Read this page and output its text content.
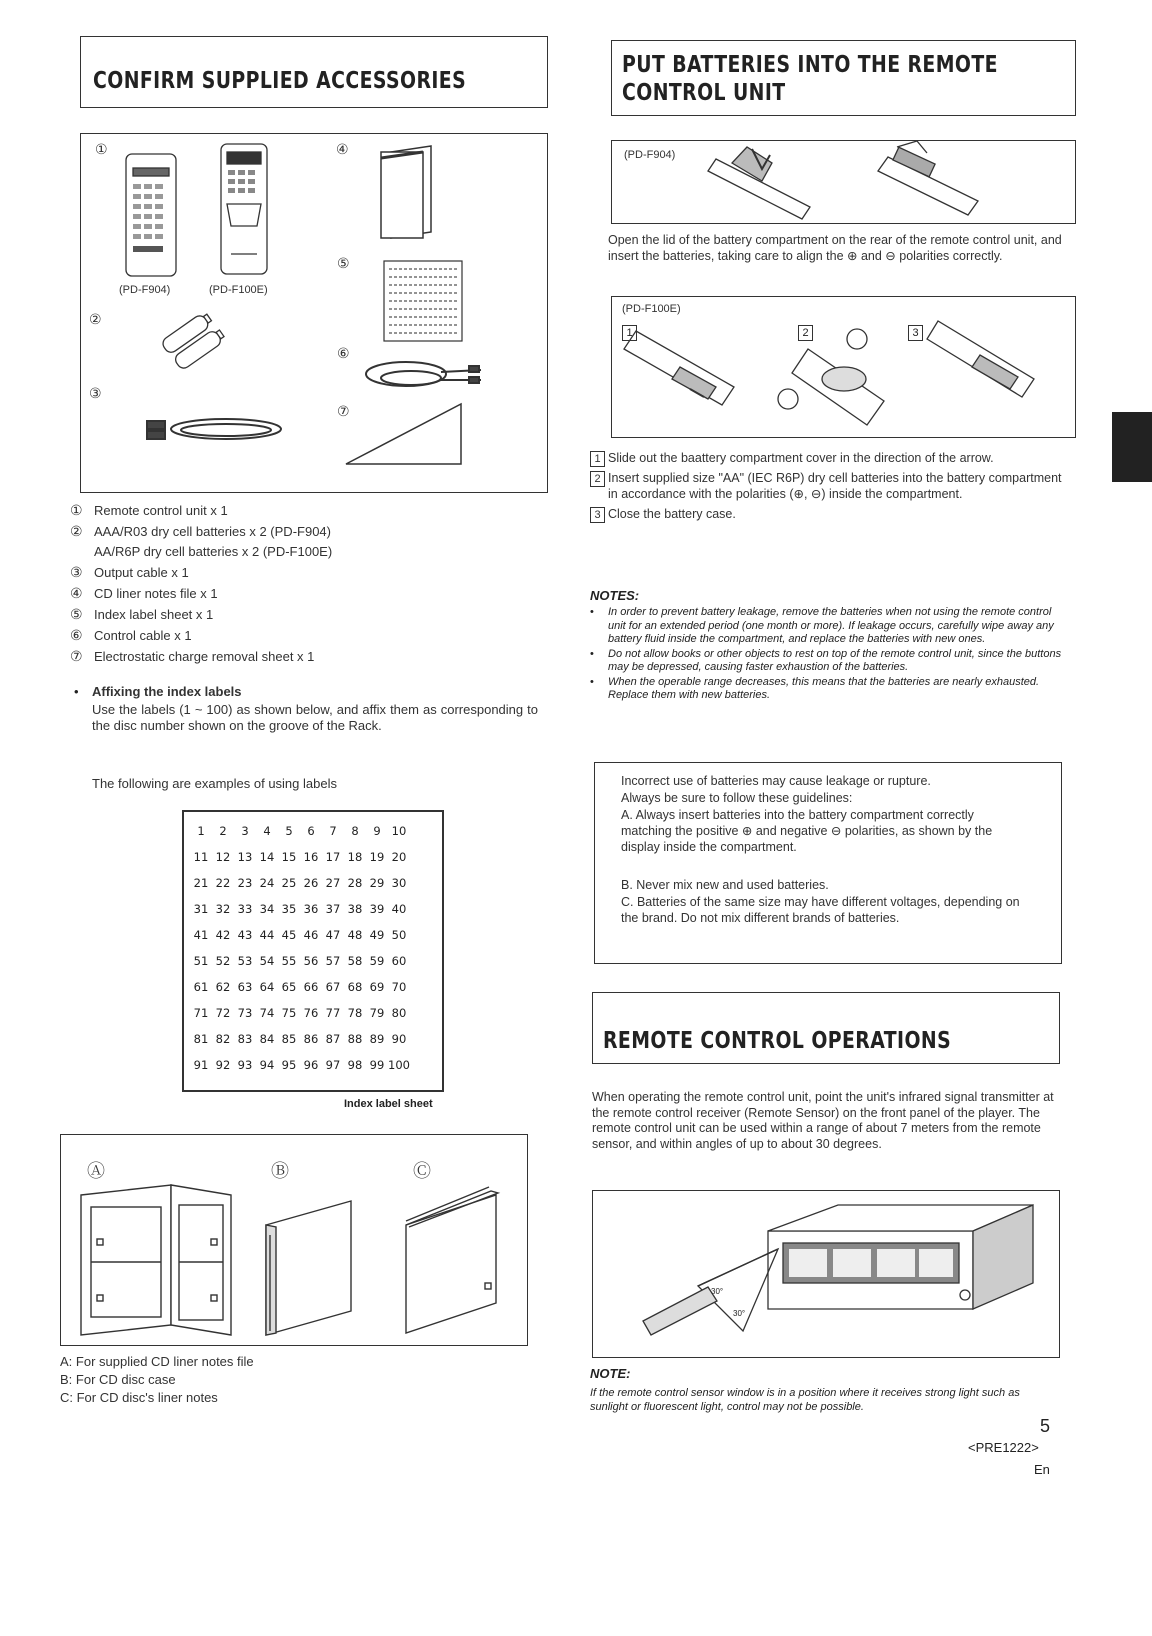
CONFIRM SUPPLIED ACCESSORIES
①
②
③
④
⑤
⑥
⑦
(PD-F904)	(PD-F100E)
① Remote control unit x 1
② AAA/R03 dry cell batteries x 2 (PD-F904)
AA/R6P dry cell batteries x 2 (PD-F100E)
③ Output cable x 1
④ CD liner notes file x 1
⑤ Index label sheet x 1
⑥ Control cable x 1
⑦ Electrostatic charge removal sheet x 1
• Affixing the index labels
Use the labels (1 ~ 100) as shown below, and affix them as corresponding to the disc number shown on the groove of the Rack.
The following are examples of using labels
1	2	3	4	5	6	7	8	9	10
11	12	13	14	15	16	17	18	19	20
21	22	23	24	25	26	27	28	29	30
31	32	33	34	35	36	37	38	39	40
41	42	43	44	45	46	47	48	49	50
51	52	53	54	55	56	57	58	59	60
61	62	63	64	65	66	67	68	69	70
71	72	73	74	75	76	77	78	79	80
81	82	83	84	85	86	87	88	89	90
91	92	93	94	95	96	97	98	99	100
Index label sheet
Ⓐ	Ⓑ	Ⓒ
A: For supplied CD liner notes file
B: For CD disc case
C: For CD disc's liner notes
PUT BATTERIES INTO THE REMOTE
CONTROL UNIT
(PD-F904)
Open the lid of the battery compartment on the rear of the remote control unit, and insert the batteries, taking care to align the ⊕ and ⊖ polarities correctly.
(PD-F100E)
1	2	3
1 Slide out the baattery compartment cover in the direction of the arrow.
2 Insert supplied size "AA" (IEC R6P) dry cell batteries into the battery compartment in accordance with the polarities (⊕, ⊖) inside the compartment.
3 Close the battery case.
NOTES:

• In order to prevent battery leakage, remove the batteries when not using the remote control unit for an extended period (one month or more). If leakage occurs, carefully wipe away any battery fluid inside the compartment, and replace the batteries with new ones.

• Do not allow books or other objects to rest on top of the remote control unit, since the buttons may be depressed, causing faster exhaustion of the batteries.

• When the operable range decreases, this means that the batteries are nearly exhausted. Replace them with new batteries.

Incorrect use of batteries may cause leakage or rupture.
Always be sure to follow these guidelines:
A. Always insert batteries into the battery compartment correctly matching the positive ⊕ and negative ⊖ polarities, as shown by the display inside the compartment.
B. Never mix new and used batteries.
C. Batteries of the same size may have different voltages, depending on the brand. Do not mix different brands of batteries.
REMOTE CONTROL OPERATIONS
When operating the remote control unit, point the unit's infrared signal transmitter at the remote control receiver (Remote Sensor) on the front panel of the player. The remote control unit can be used within a range of about 7 meters from the remote sensor, and within angles of up to about 30 degrees.
30°
30°
NOTE:
If the remote control sensor window is in a position where it receives strong light such as sunlight or fluorescent light, control may not be possible.
5
<PRE1222>
En
